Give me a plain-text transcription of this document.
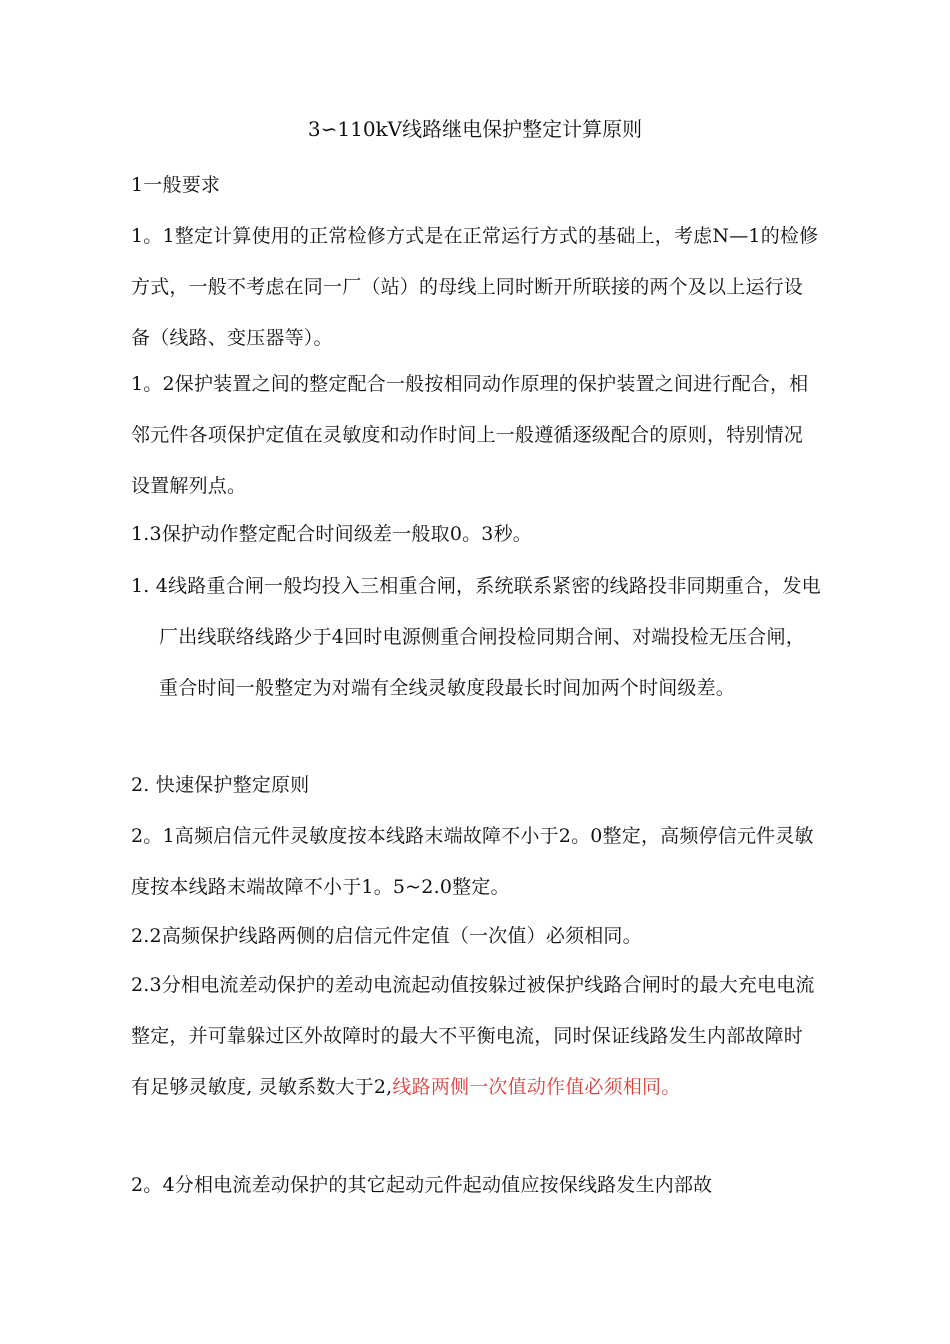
3∽110kV线路继电保护整定计算原则

1一般要求

1。1整定计算使用的正常检修方式是在正常运行方式的基础上，考虑N—1的检修方式，一般不考虑在同一厂（站）的母线上同时断开所联接的两个及以上运行设备（线路、变压器等）。

1。2保护装置之间的整定配合一般按相同动作原理的保护装置之间进行配合，相邻元件各项保护定值在灵敏度和动作时间上一般遵循逐级配合的原则，特别情况设置解列点。

1.3保护动作整定配合时间级差一般取0。3秒。

1. 4线路重合闸一般均投入三相重合闸，系统联系紧密的线路投非同期重合，发电厂出线联络线路少于4回时电源侧重合闸投检同期合闸、对端投检无压合闸，重合时间一般整定为对端有全线灵敏度段最长时间加两个时间级差。

2. 快速保护整定原则

2。1高频启信元件灵敏度按本线路末端故障不小于2。0整定，高频停信元件灵敏度按本线路末端故障不小于1。5~2.0整定。

2.2高频保护线路两侧的启信元件定值（一次值）必须相同。

2.3分相电流差动保护的差动电流起动值按躲过被保护线路合闸时的最大充电电流整定，并可靠躲过区外故障时的最大不平衡电流，同时保证线路发生内部故障时有足够灵敏度, 灵敏系数大于2,线路两侧一次值动作值必须相同。

2。4分相电流差动保护的其它起动元件起动值应按保线路发生内部故
